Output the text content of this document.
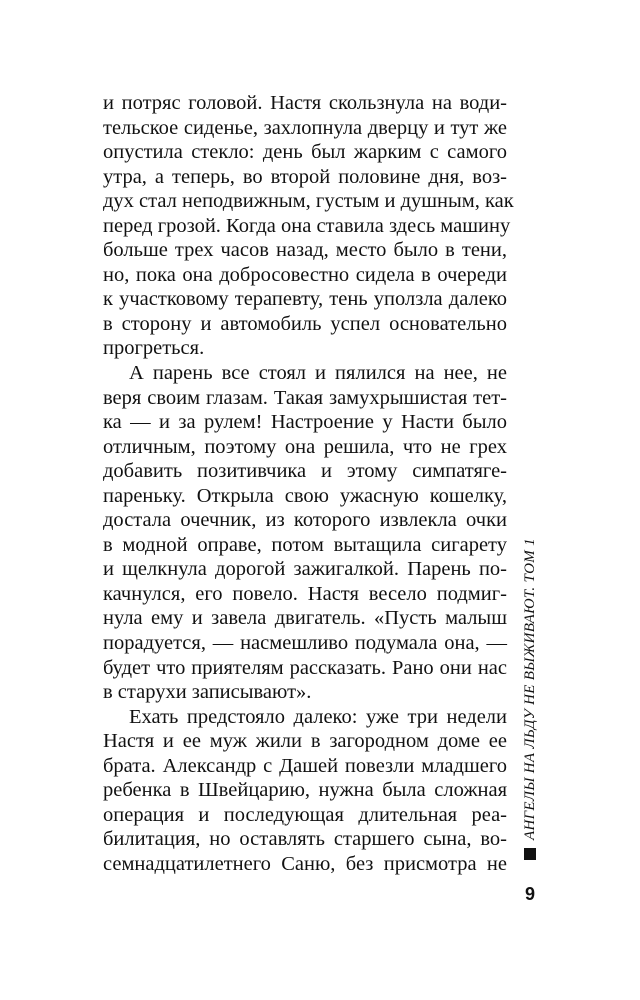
и потряс головой. Настя скользнула на води-
тельское сиденье, захлопнула дверцу и тут же
опустила стекло: день был жарким с самого
утра, а теперь, во второй половине дня, воз-
дух стал неподвижным, густым и душным, как
перед грозой. Когда она ставила здесь машину
больше трех часов назад, место было в тени,
но, пока она добросовестно сидела в очереди
к участковому терапевту, тень уползла далеко
в сторону и автомобиль успел основательно
прогреться.
А парень все стоял и пялился на нее, не
веря своим глазам. Такая замухрышистая тет-
ка — и за рулем! Настроение у Насти было
отличным, поэтому она решила, что не грех
добавить позитивчика и этому симпатяге-
пареньку. Открыла свою ужасную кошелку,
достала очечник, из которого извлекла очки
в модной оправе, потом вытащила сигарету
и щелкнула дорогой зажигалкой. Парень по-
качнулся, его повело. Настя весело подмиг-
нула ему и завела двигатель. «Пусть малыш
порадуется, — насмешливо подумала она, —
будет что приятелям рассказать. Рано они нас
в старухи записывают».
Ехать предстояло далеко: уже три недели
Настя и ее муж жили в загородном доме ее
брата. Александр с Дашей повезли младшего
ребенка в Швейцарию, нужна была сложная
операция и последующая длительная реа-
билитация, но оставлять старшего сына, во-
семнадцатилетнего Саню, без присмотра не
АНГЕЛЫ НА ЛЬДУ НЕ ВЫЖИВАЮТ. ТОМ 1
9
